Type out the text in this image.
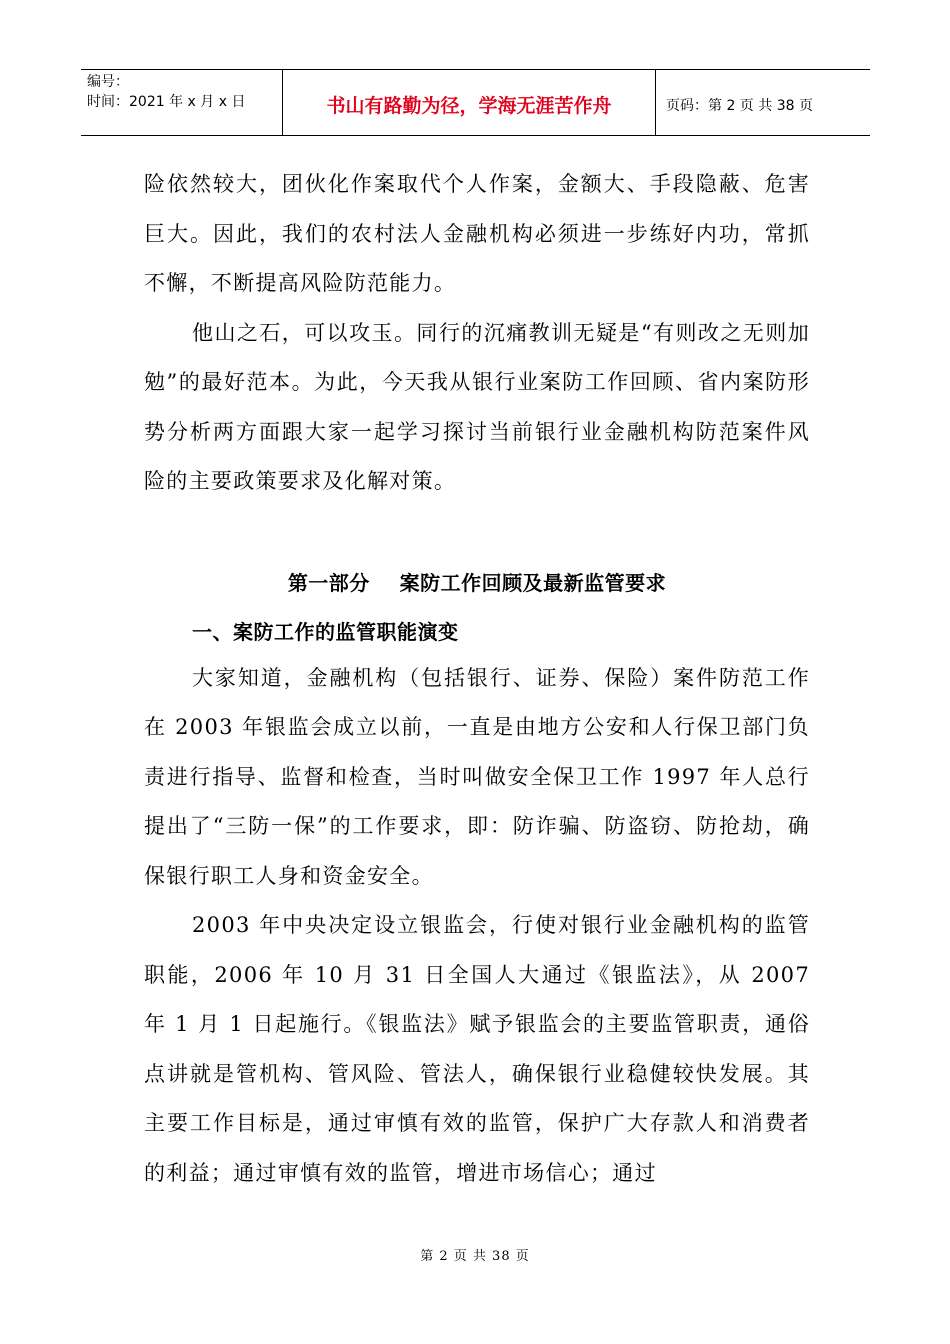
编号：
时间：2021 年 x 月 x 日	书山有路勤为径，学海无涯苦作舟	页码：第 2 页 共 38 页

险依然较大，团伙化作案取代个人作案，金额大、手段隐蔽、危害巨大。因此，我们的农村法人金融机构必须进一步练好内功，常抓不懈，不断提高风险防范能力。

他山之石，可以攻玉。同行的沉痛教训无疑是“有则改之无则加勉”的最好范本。为此，今天我从银行业案防工作回顾、省内案防形势分析两方面跟大家一起学习探讨当前银行业金融机构防范案件风险的主要政策要求及化解对策。

第一部分    案防工作回顾及最新监管要求
一、案防工作的监管职能演变

大家知道，金融机构（包括银行、证券、保险）案件防范工作在 2003 年银监会成立以前，一直是由地方公安和人行保卫部门负责进行指导、监督和检查，当时叫做安全保卫工作 1997 年人总行提出了“三防一保”的工作要求，即：防诈骗、防盗窃、防抢劫，确保银行职工人身和资金安全。

2003 年中央决定设立银监会，行使对银行业金融机构的监管职能，2006 年 10 月 31 日全国人大通过《银监法》，从 2007 年 1 月 1 日起施行。《银监法》赋予银监会的主要监管职责，通俗点讲就是管机构、管风险、管法人，确保银行业稳健较快发展。其主要工作目标是，通过审慎有效的监管，保护广大存款人和消费者的利益；通过审慎有效的监管，增进市场信心；通过

第 2 页 共 38 页
